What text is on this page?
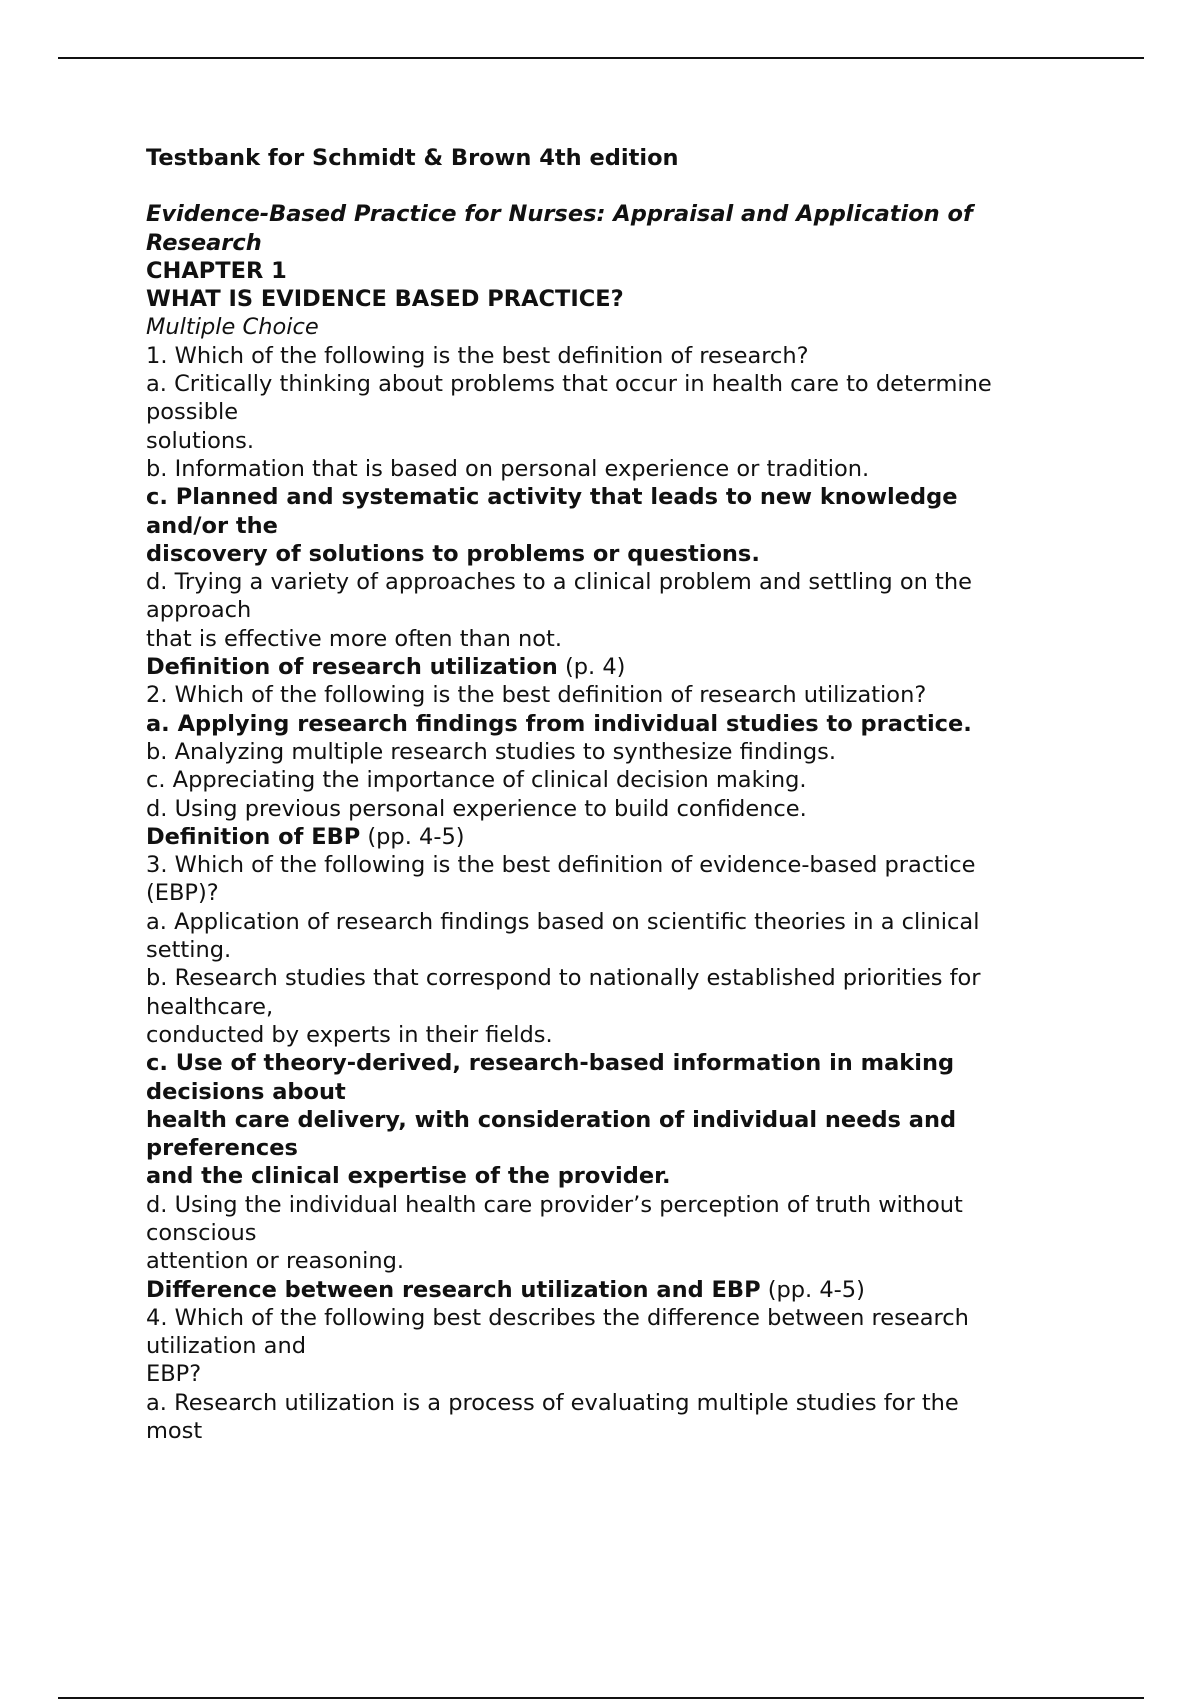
Testbank for Schmidt & Brown 4th edition
Evidence-Based Practice for Nurses: Appraisal and Application of
Research
CHAPTER 1
WHAT IS EVIDENCE BASED PRACTICE?
Multiple Choice
1. Which of the following is the best definition of research?
a. Critically thinking about problems that occur in health care to determine
possible
solutions.
b. Information that is based on personal experience or tradition.
c. Planned and systematic activity that leads to new knowledge
and/or the
discovery of solutions to problems or questions.
d. Trying a variety of approaches to a clinical problem and settling on the
approach
that is effective more often than not.
Definition of research utilization (p. 4)
2. Which of the following is the best definition of research utilization?
a. Applying research findings from individual studies to practice.
b. Analyzing multiple research studies to synthesize findings.
c. Appreciating the importance of clinical decision making.
d. Using previous personal experience to build confidence.
Definition of EBP (pp. 4-5)
3. Which of the following is the best definition of evidence-based practice
(EBP)?
a. Application of research findings based on scientific theories in a clinical
setting.
b. Research studies that correspond to nationally established priorities for
healthcare,
conducted by experts in their fields.
c. Use of theory-derived, research-based information in making
decisions about
health care delivery, with consideration of individual needs and
preferences
and the clinical expertise of the provider.
d. Using the individual health care provider’s perception of truth without
conscious
attention or reasoning.
Difference between research utilization and EBP (pp. 4-5)
4. Which of the following best describes the difference between research
utilization and
EBP?
a. Research utilization is a process of evaluating multiple studies for the
most
